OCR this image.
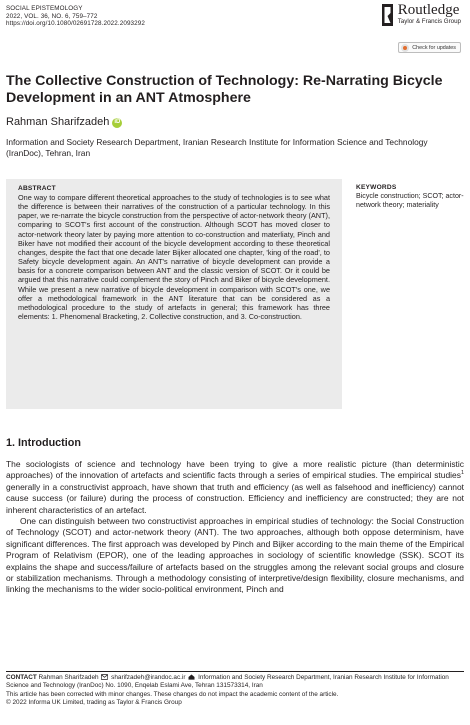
SOCIAL EPISTEMOLOGY
2022, VOL. 36, NO. 6, 759–772
https://doi.org/10.1080/02691728.2022.2093292
Routledge
Taylor & Francis Group
Check for updates
The Collective Construction of Technology: Re-Narrating Bicycle Development in an ANT Atmosphere
Rahman Sharifzadeh iD
Information and Society Research Department, Iranian Research Institute for Information Science and Technology (IranDoc), Tehran, Iran
ABSTRACT
One way to compare different theoretical approaches to the study of technologies is to see what the difference is between their narratives of the construction of a particular technology. In this paper, we re-narrate the bicycle construction from the perspective of actor-network theory (ANT), comparing to SCOT's first account of the construction. Although SCOT has moved closer to actor-network theory later by paying more attention to co-construction and materliaty, Pinch and Biker have not modified their account of the bicycle development according to these theoretical changes, despite the fact that one decade later Bijker allocated one chapter, 'king of the road', to Safety bicycle development again. An ANT's narrative of bicycle development can provide a basis for a concrete comparison between ANT and the classic version of SCOT. Or it could be argued that this narrative could complement the story of Pinch and Biker of bicycle development. While we present a new narrative of bicycle development in comparison with SCOT's one, we offer a methodological framework in the ANT literature that can be considered as a methodological procedure to the study of artefacts in general; this framework has three elements: 1. Phenomenal Bracketing, 2. Collective construction, and 3. Co-construction.
KEYWORDS
Bicycle construction; SCOT; actor-network theory; materiality
1. Introduction

The sociologists of science and technology have been trying to give a more realistic picture (than deterministic approaches) of the innovation of artefacts and scientific facts through a series of empirical studies. The empirical studies$^1$ generally in a constructivist approach, have shown that truth and efficiency (as well as falsehood and inefficiency) cannot cause success (or failure) during the process of construction. Efficiency and inefficiency are constructed; they are not inherent characteristics of an artefact.

One can distinguish between two constructivist approaches in empirical studies of technology: the Social Construction of Technology (SCOT) and actor-network theory (ANT). The two approaches, although both oppose determinism, have significant differences. The first approach was developed by Pinch and Bijker according to the main theme of the Empirical Program of Relativism (EPOR), one of the leading approaches in sociology of scientific knowledge (SSK). SCOT its explains the shape and success/failure of artefacts based on the struggles among the relevant social groups and closure or stabilization mechanisms. Through a methodology consisting of interpretive/design flexibility, closure mechanisms, and linking the mechanisms to the wider socio-political environment, Pinch and

CONTACT Rahman Sharifzadeh sharifzadeh@irandoc.ac.ir Information and Society Research Department, Iranian Research Institute for Information Science and Technology (IranDoc) No. 1090, Enqelab Eslami Ave, Tehran 131573314, Iran
This article has been corrected with minor changes. These changes do not impact the academic content of the article.
© 2022 Informa UK Limited, trading as Taylor & Francis Group
